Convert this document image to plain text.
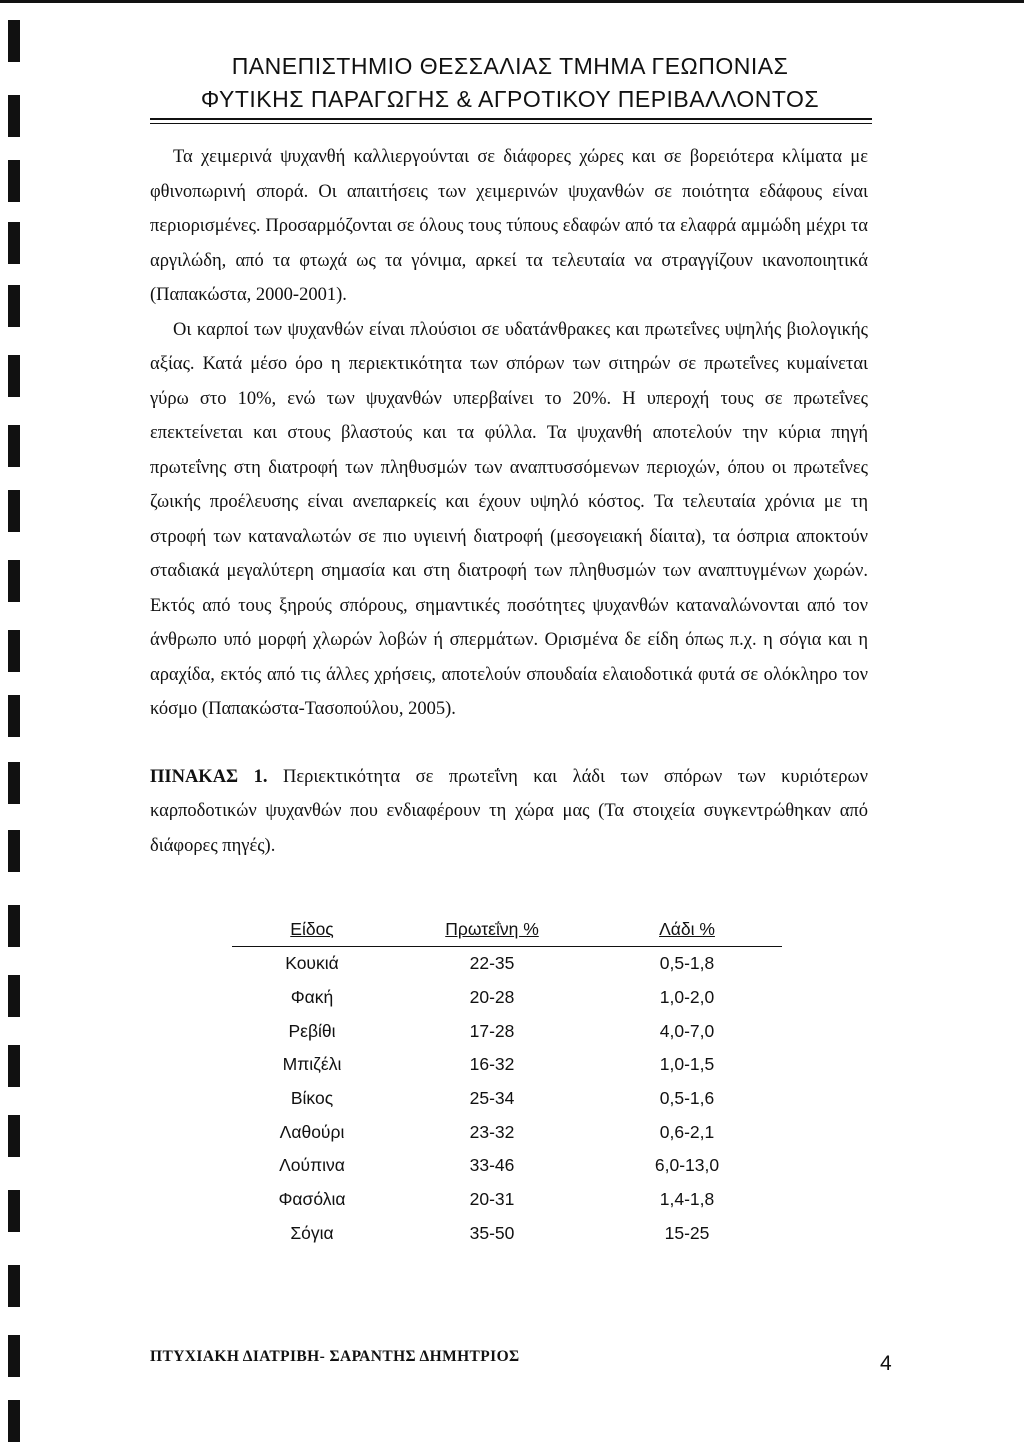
ΠΑΝΕΠΙΣΤΗΜΙΟ ΘΕΣΣΑΛΙΑΣ ΤΜΗΜΑ ΓΕΩΠΟΝΙΑΣ
ΦΥΤΙΚΗΣ ΠΑΡΑΓΩΓΗΣ & ΑΓΡΟΤΙΚΟΥ ΠΕΡΙΒΑΛΛΟΝΤΟΣ

Τα χειμερινά ψυχανθή καλλιεργούνται σε διάφορες χώρες και σε βορειότερα κλίματα με φθινοπωρινή σπορά. Οι απαιτήσεις των χειμερινών ψυχανθών σε ποιότητα εδάφους είναι περιορισμένες. Προσαρμόζονται σε όλους τους τύπους εδαφών από τα ελαφρά αμμώδη μέχρι τα αργιλώδη, από τα φτωχά ως τα γόνιμα, αρκεί τα τελευταία να στραγγίζουν ικανοποιητικά (Παπακώστα, 2000-2001).

Οι καρποί των ψυχανθών είναι πλούσιοι σε υδατάνθρακες και πρωτεΐνες υψηλής βιολογικής αξίας. Κατά μέσο όρο η περιεκτικότητα των σπόρων των σιτηρών σε πρωτεΐνες κυμαίνεται γύρω στο 10%, ενώ των ψυχανθών υπερβαίνει το 20%. Η υπεροχή τους σε πρωτεΐνες επεκτείνεται και στους βλαστούς και τα φύλλα. Τα ψυχανθή αποτελούν την κύρια πηγή πρωτεΐνης στη διατροφή των πληθυσμών των αναπτυσσόμενων περιοχών, όπου οι πρωτεΐνες ζωικής προέλευσης είναι ανεπαρκείς και έχουν υψηλό κόστος. Τα τελευταία χρόνια με τη στροφή των καταναλωτών σε πιο υγιεινή διατροφή (μεσογειακή δίαιτα), τα όσπρια αποκτούν σταδιακά μεγαλύτερη σημασία και στη διατροφή των πληθυσμών των αναπτυγμένων χωρών. Εκτός από τους ξηρούς σπόρους, σημαντικές ποσότητες ψυχανθών καταναλώνονται από τον άνθρωπο υπό μορφή χλωρών λοβών ή σπερμάτων. Ορισμένα δε είδη όπως π.χ. η σόγια και η αραχίδα, εκτός από τις άλλες χρήσεις, αποτελούν σπουδαία ελαιοδοτικά φυτά σε ολόκληρο τον κόσμο (Παπακώστα-Τασοπούλου, 2005).

ΠΙΝΑΚΑΣ 1. Περιεκτικότητα σε πρωτεΐνη και λάδι των σπόρων των κυριότερων καρποδοτικών ψυχανθών που ενδιαφέρουν τη χώρα μας (Τα στοιχεία συγκεντρώθηκαν από διάφορες πηγές).

Είδος	Πρωτεΐνη %	Λάδι %
Κουκιά	22-35	0,5-1,8
Φακή	20-28	1,0-2,0
Ρεβίθι	17-28	4,0-7,0
Μπιζέλι	16-32	1,0-1,5
Βίκος	25-34	0,5-1,6
Λαθούρι	23-32	0,6-2,1
Λούπινα	33-46	6,0-13,0
Φασόλια	20-31	1,4-1,8
Σόγια	35-50	15-25
ΠΤΥΧΙΑΚΗ ΔΙΑΤΡΙΒΗ- ΣΑΡΑΝΤΗΣ ΔΗΜΗΤΡΙΟΣ	4
